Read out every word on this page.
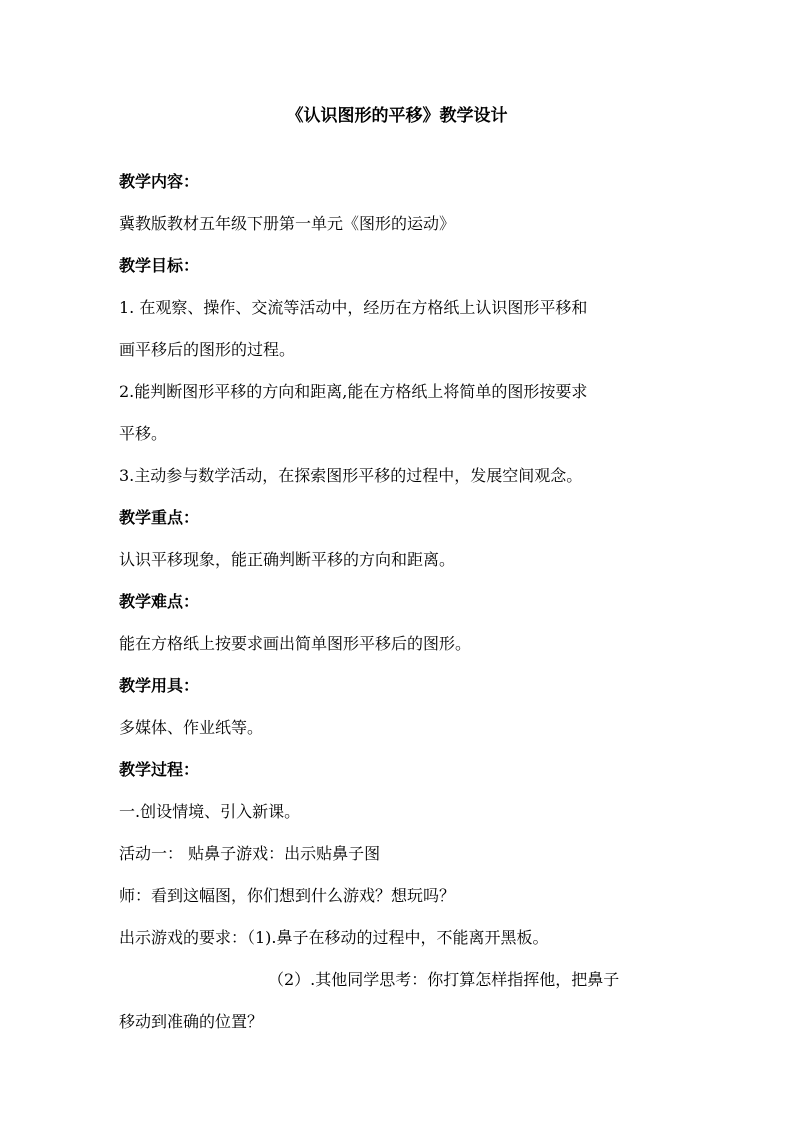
《认识图形的平移》教学设计
教学内容：
冀教版教材五年级下册第一单元《图形的运动》
教学目标：
1. 在观察、操作、交流等活动中，经历在方格纸上认识图形平移和
画平移后的图形的过程。
2.能判断图形平移的方向和距离,能在方格纸上将简单的图形按要求
平移。
3.主动参与数学活动，在探索图形平移的过程中，发展空间观念。
教学重点：
认识平移现象，能正确判断平移的方向和距离。
教学难点：
能在方格纸上按要求画出简单图形平移后的图形。
教学用具：
多媒体、作业纸等。
教学过程：
一.创设情境、引入新课。
活动一： 贴鼻子游戏：出示贴鼻子图
师：看到这幅图，你们想到什么游戏？想玩吗？
出示游戏的要求：（1).鼻子在移动的过程中，不能离开黑板。
（2）.其他同学思考：你打算怎样指挥他，把鼻子
移动到准确的位置？
